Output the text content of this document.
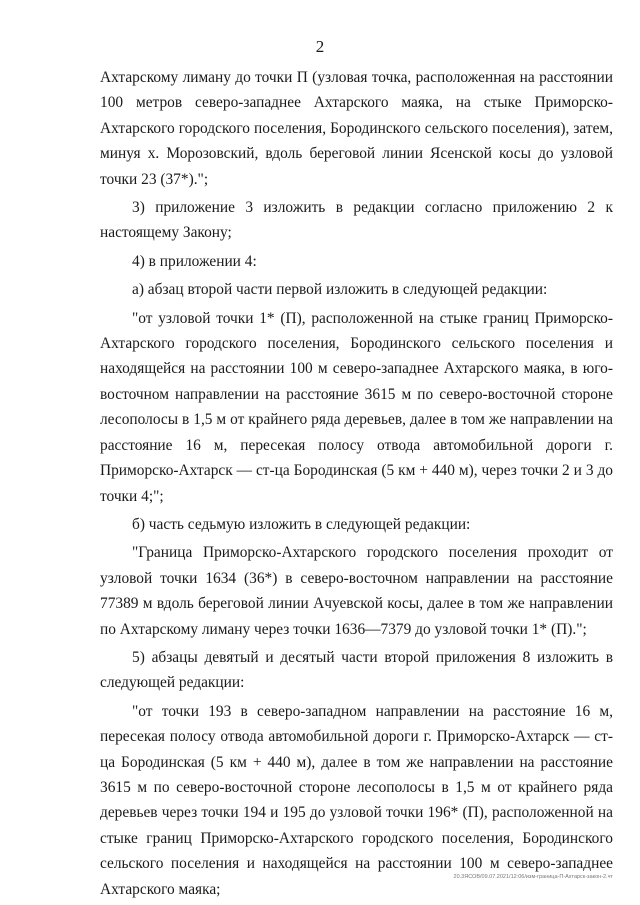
2

Ахтарскому лиману до точки П (узловая точка, расположенная на расстоянии 100 метров северо-западнее Ахтарского маяка, на стыке Приморско-Ахтарского городского поселения, Бородинского сельского поселения), затем, минуя х. Морозовский, вдоль береговой линии Ясенской косы до узловой точки 23 (37*).";

3) приложение 3 изложить в редакции согласно приложению 2 к настоящему Закону;

4) в приложении 4:

а) абзац второй части первой изложить в следующей редакции:

"от узловой точки 1* (П), расположенной на стыке границ Приморско-Ахтарского городского поселения, Бородинского сельского поселения и находящейся на расстоянии 100 м северо-западнее Ахтарского маяка, в юго-восточном направлении на расстояние 3615 м по северо-восточной стороне лесополосы в 1,5 м от крайнего ряда деревьев, далее в том же направлении на расстояние 16 м, пересекая полосу отвода автомобильной дороги г. Приморско-Ахтарск — ст-ца Бородинская (5 км + 440 м), через точки 2 и 3 до точки 4;";

б) часть седьмую изложить в следующей редакции:

"Граница Приморско-Ахтарского городского поселения проходит от узловой точки 1634 (36*) в северо-восточном направлении на расстояние 77389 м вдоль береговой линии Ачуевской косы, далее в том же направлении по Ахтарскому лиману через точки 1636—7379 до узловой точки 1* (П).";

5) абзацы девятый и десятый части второй приложения 8 изложить в следующей редакции:

"от точки 193 в северо-западном направлении на расстояние 16 м, пересекая полосу отвода автомобильной дороги г. Приморско-Ахтарск — ст-ца Бородинская (5 км + 440 м), далее в том же направлении на расстояние 3615 м по северо-восточной стороне лесополосы в 1,5 м от крайнего ряда деревьев через точки 194 и 195 до узловой точки 196* (П), расположенной на стыке границ Приморско-Ахтарского городского поселения, Бородинского сельского поселения и находящейся на расстоянии 100 м северо-западнее Ахтарского маяка;

20.3ЯСОВ/09.07.2021/12:06/изм-граница-П-Ахтарск-закон-2.чт
